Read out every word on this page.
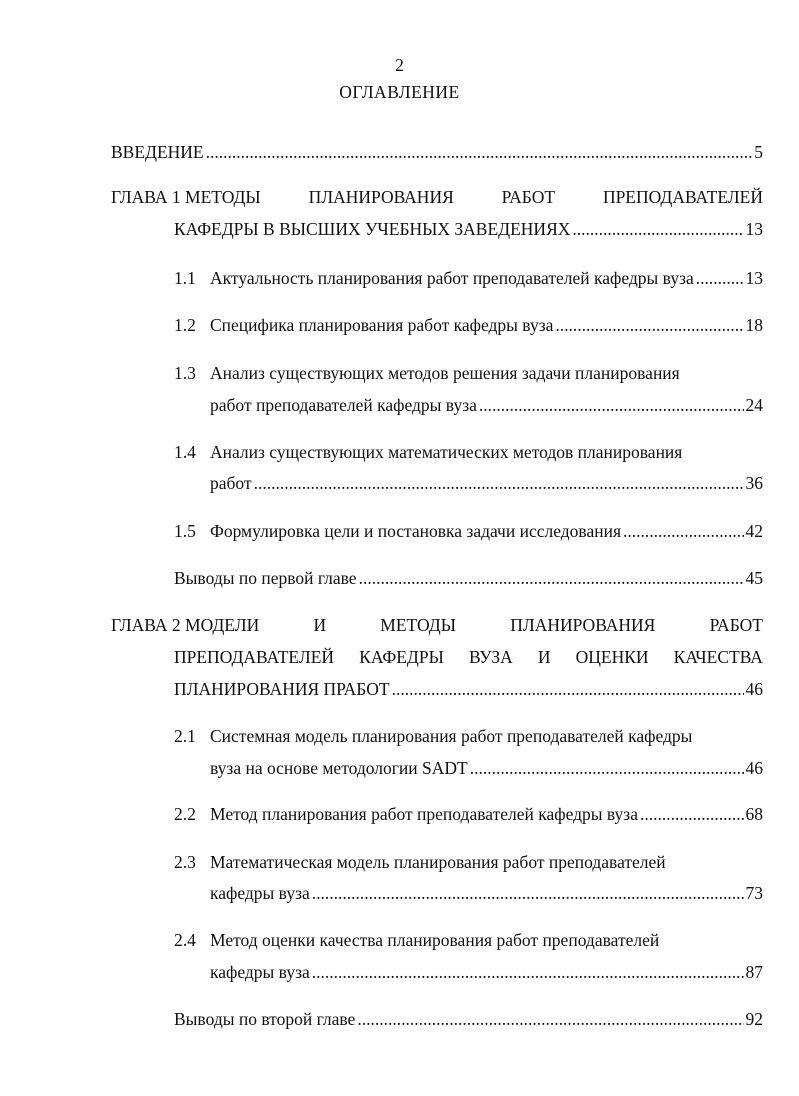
2
ОГЛАВЛЕНИЕ
ВВЕДЕНИЕ .....	5
ГЛАВА 1 МЕТОДЫ	ПЛАНИРОВАНИЯ	РАБОТ	ПРЕПОДАВАТЕЛЕЙ
КАФЕДРЫ В ВЫСШИХ УЧЕБНЫХ ЗАВЕДЕНИЯХ .....	13
1.1 Актуальность планирования работ преподавателей кафедры вуза .....	13
1.2 Специфика планирования работ кафедры вуза .....	18
1.3 Анализ существующих методов решения задачи планирования
работ преподавателей кафедры вуза .....	24
1.4 Анализ существующих математических методов планирования
работ .....	36
1.5 Формулировка цели и постановка задачи исследования .....	42
Выводы по первой главе .....	45
ГЛАВА 2 МОДЕЛИ	И	МЕТОДЫ	ПЛАНИРОВАНИЯ	РАБОТ
ПРЕПОДАВАТЕЛЕЙ КАФЕДРЫ ВУЗА И ОЦЕНКИ КАЧЕСТВА
ПЛАНИРОВАНИЯ ПРАБОТ .....	46
2.1 Системная модель планирования работ преподавателей кафедры
вуза на основе методологии SADT .....	46
2.2 Метод планирования работ преподавателей кафедры вуза .....	68
2.3 Математическая модель планирования работ преподавателей
кафедры вуза .....	73
2.4 Метод оценки качества планирования работ преподавателей
кафедры вуза .....	87
Выводы по второй главе .....	92
